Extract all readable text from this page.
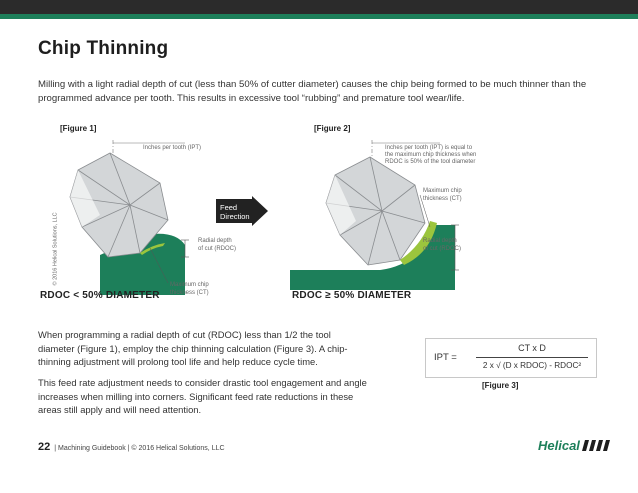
Chip Thinning
Milling with a light radial depth of cut (less than 50% of cutter diameter) causes the chip being formed to be much thinner than the programmed advance per tooth. This results in excessive tool “rubbing” and premature tool wear/life.
[Figure 1]
Inches per tooth (IPT)
Radial depth
of cut (RDOC)
Maximum chip
thickness (CT)
© 2016 Helical Solutions, LLC
RDOC < 50% DIAMETER
Feed
Direction
[Figure 2]
Inches per tooth (IPT) is equal to
the maximum chip thickness when
RDOC is 50% of the tool diameter
Maximum chip
thickness (CT)
Radial depth
of cut (RDOC)
RDOC ≥ 50% DIAMETER
When programming a radial depth of cut (RDOC) less than 1/2 the tool diameter (Figure 1), employ the chip thinning calculation (Figure 3). A chip-thinning adjustment will prolong tool life and help reduce cycle time.
This feed rate adjustment needs to consider drastic tool engagement and angle increases when milling into corners. Significant feed rate reductions in these areas still apply and will need attention.
IPT =
CT x D
2 x √ (D x RDOC) - RDOC²
[Figure 3]
22 | Machining Guidebook | © 2016 Helical Solutions, LLC	Helical
